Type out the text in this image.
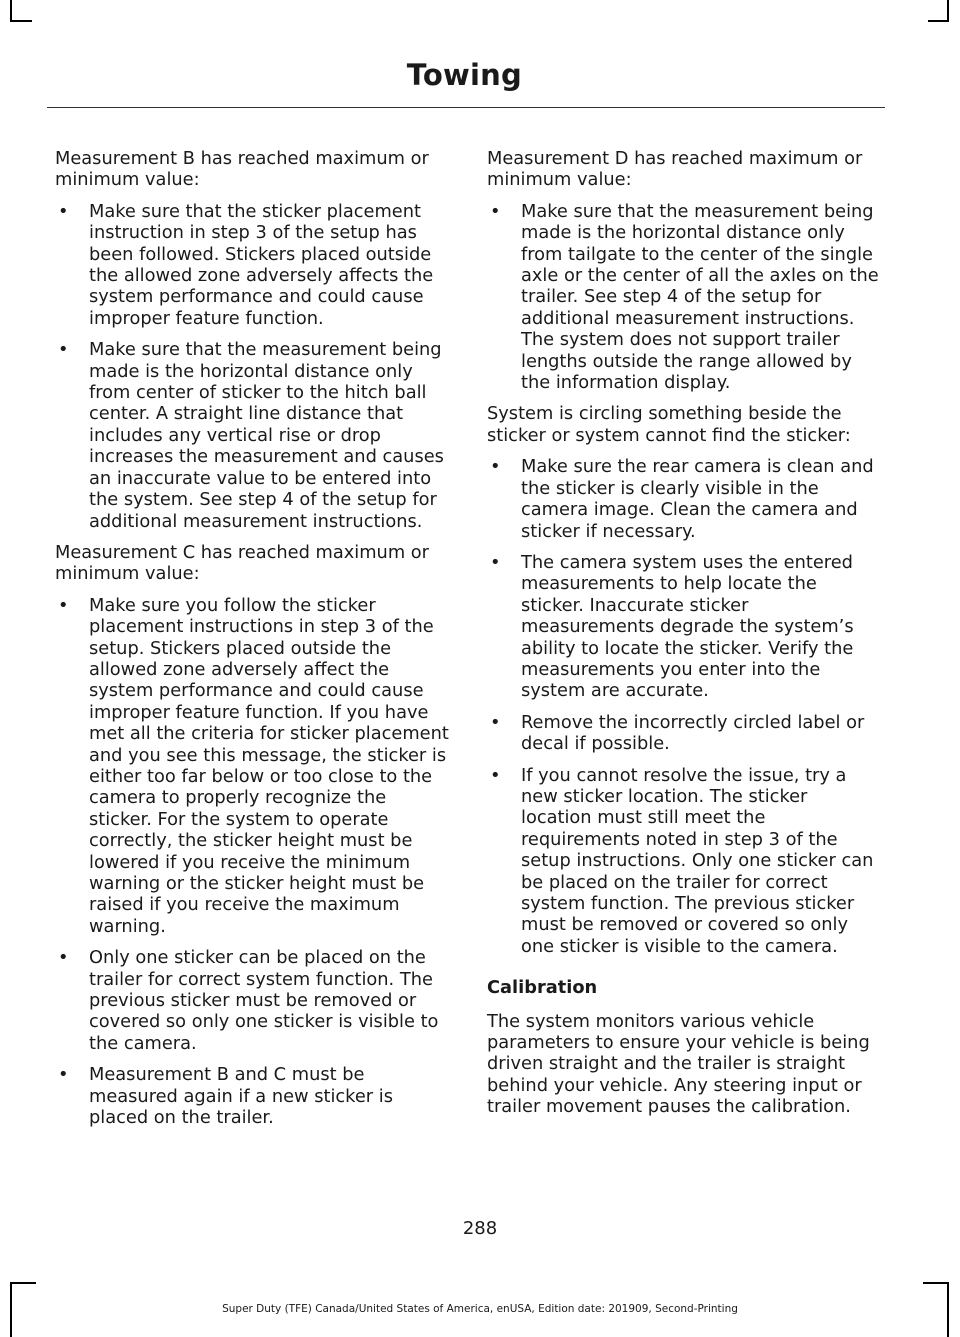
Towing

Measurement B has reached maximum or minimum value:

• Make sure that the sticker placement instruction in step 3 of the setup has been followed. Stickers placed outside the allowed zone adversely affects the system performance and could cause improper feature function.
• Make sure that the measurement being made is the horizontal distance only from center of sticker to the hitch ball center. A straight line distance that includes any vertical rise or drop increases the measurement and causes an inaccurate value to be entered into the system. See step 4 of the setup for additional measurement instructions.

Measurement C has reached maximum or minimum value:

• Make sure you follow the sticker placement instructions in step 3 of the setup. Stickers placed outside the allowed zone adversely affect the system performance and could cause improper feature function. If you have met all the criteria for sticker placement and you see this message, the sticker is either too far below or too close to the camera to properly recognize the sticker. For the system to operate correctly, the sticker height must be lowered if you receive the minimum warning or the sticker height must be raised if you receive the maximum warning.
• Only one sticker can be placed on the trailer for correct system function. The previous sticker must be removed or covered so only one sticker is visible to the camera.
• Measurement B and C must be measured again if a new sticker is placed on the trailer.

Measurement D has reached maximum or minimum value:

• Make sure that the measurement being made is the horizontal distance only from tailgate to the center of the single axle or the center of all the axles on the trailer. See step 4 of the setup for additional measurement instructions. The system does not support trailer lengths outside the range allowed by the information display.

System is circling something beside the sticker or system cannot find the sticker:

• Make sure the rear camera is clean and the sticker is clearly visible in the camera image. Clean the camera and sticker if necessary.
• The camera system uses the entered measurements to help locate the sticker. Inaccurate sticker measurements degrade the system’s ability to locate the sticker. Verify the measurements you enter into the system are accurate.
• Remove the incorrectly circled label or decal if possible.
• If you cannot resolve the issue, try a new sticker location. The sticker location must still meet the requirements noted in step 3 of the setup instructions. Only one sticker can be placed on the trailer for correct system function. The previous sticker must be removed or covered so only one sticker is visible to the camera.
Calibration

The system monitors various vehicle parameters to ensure your vehicle is being driven straight and the trailer is straight behind your vehicle. Any steering input or trailer movement pauses the calibration.

288
Super Duty (TFE) Canada/United States of America, enUSA, Edition date: 201909, Second-Printing
